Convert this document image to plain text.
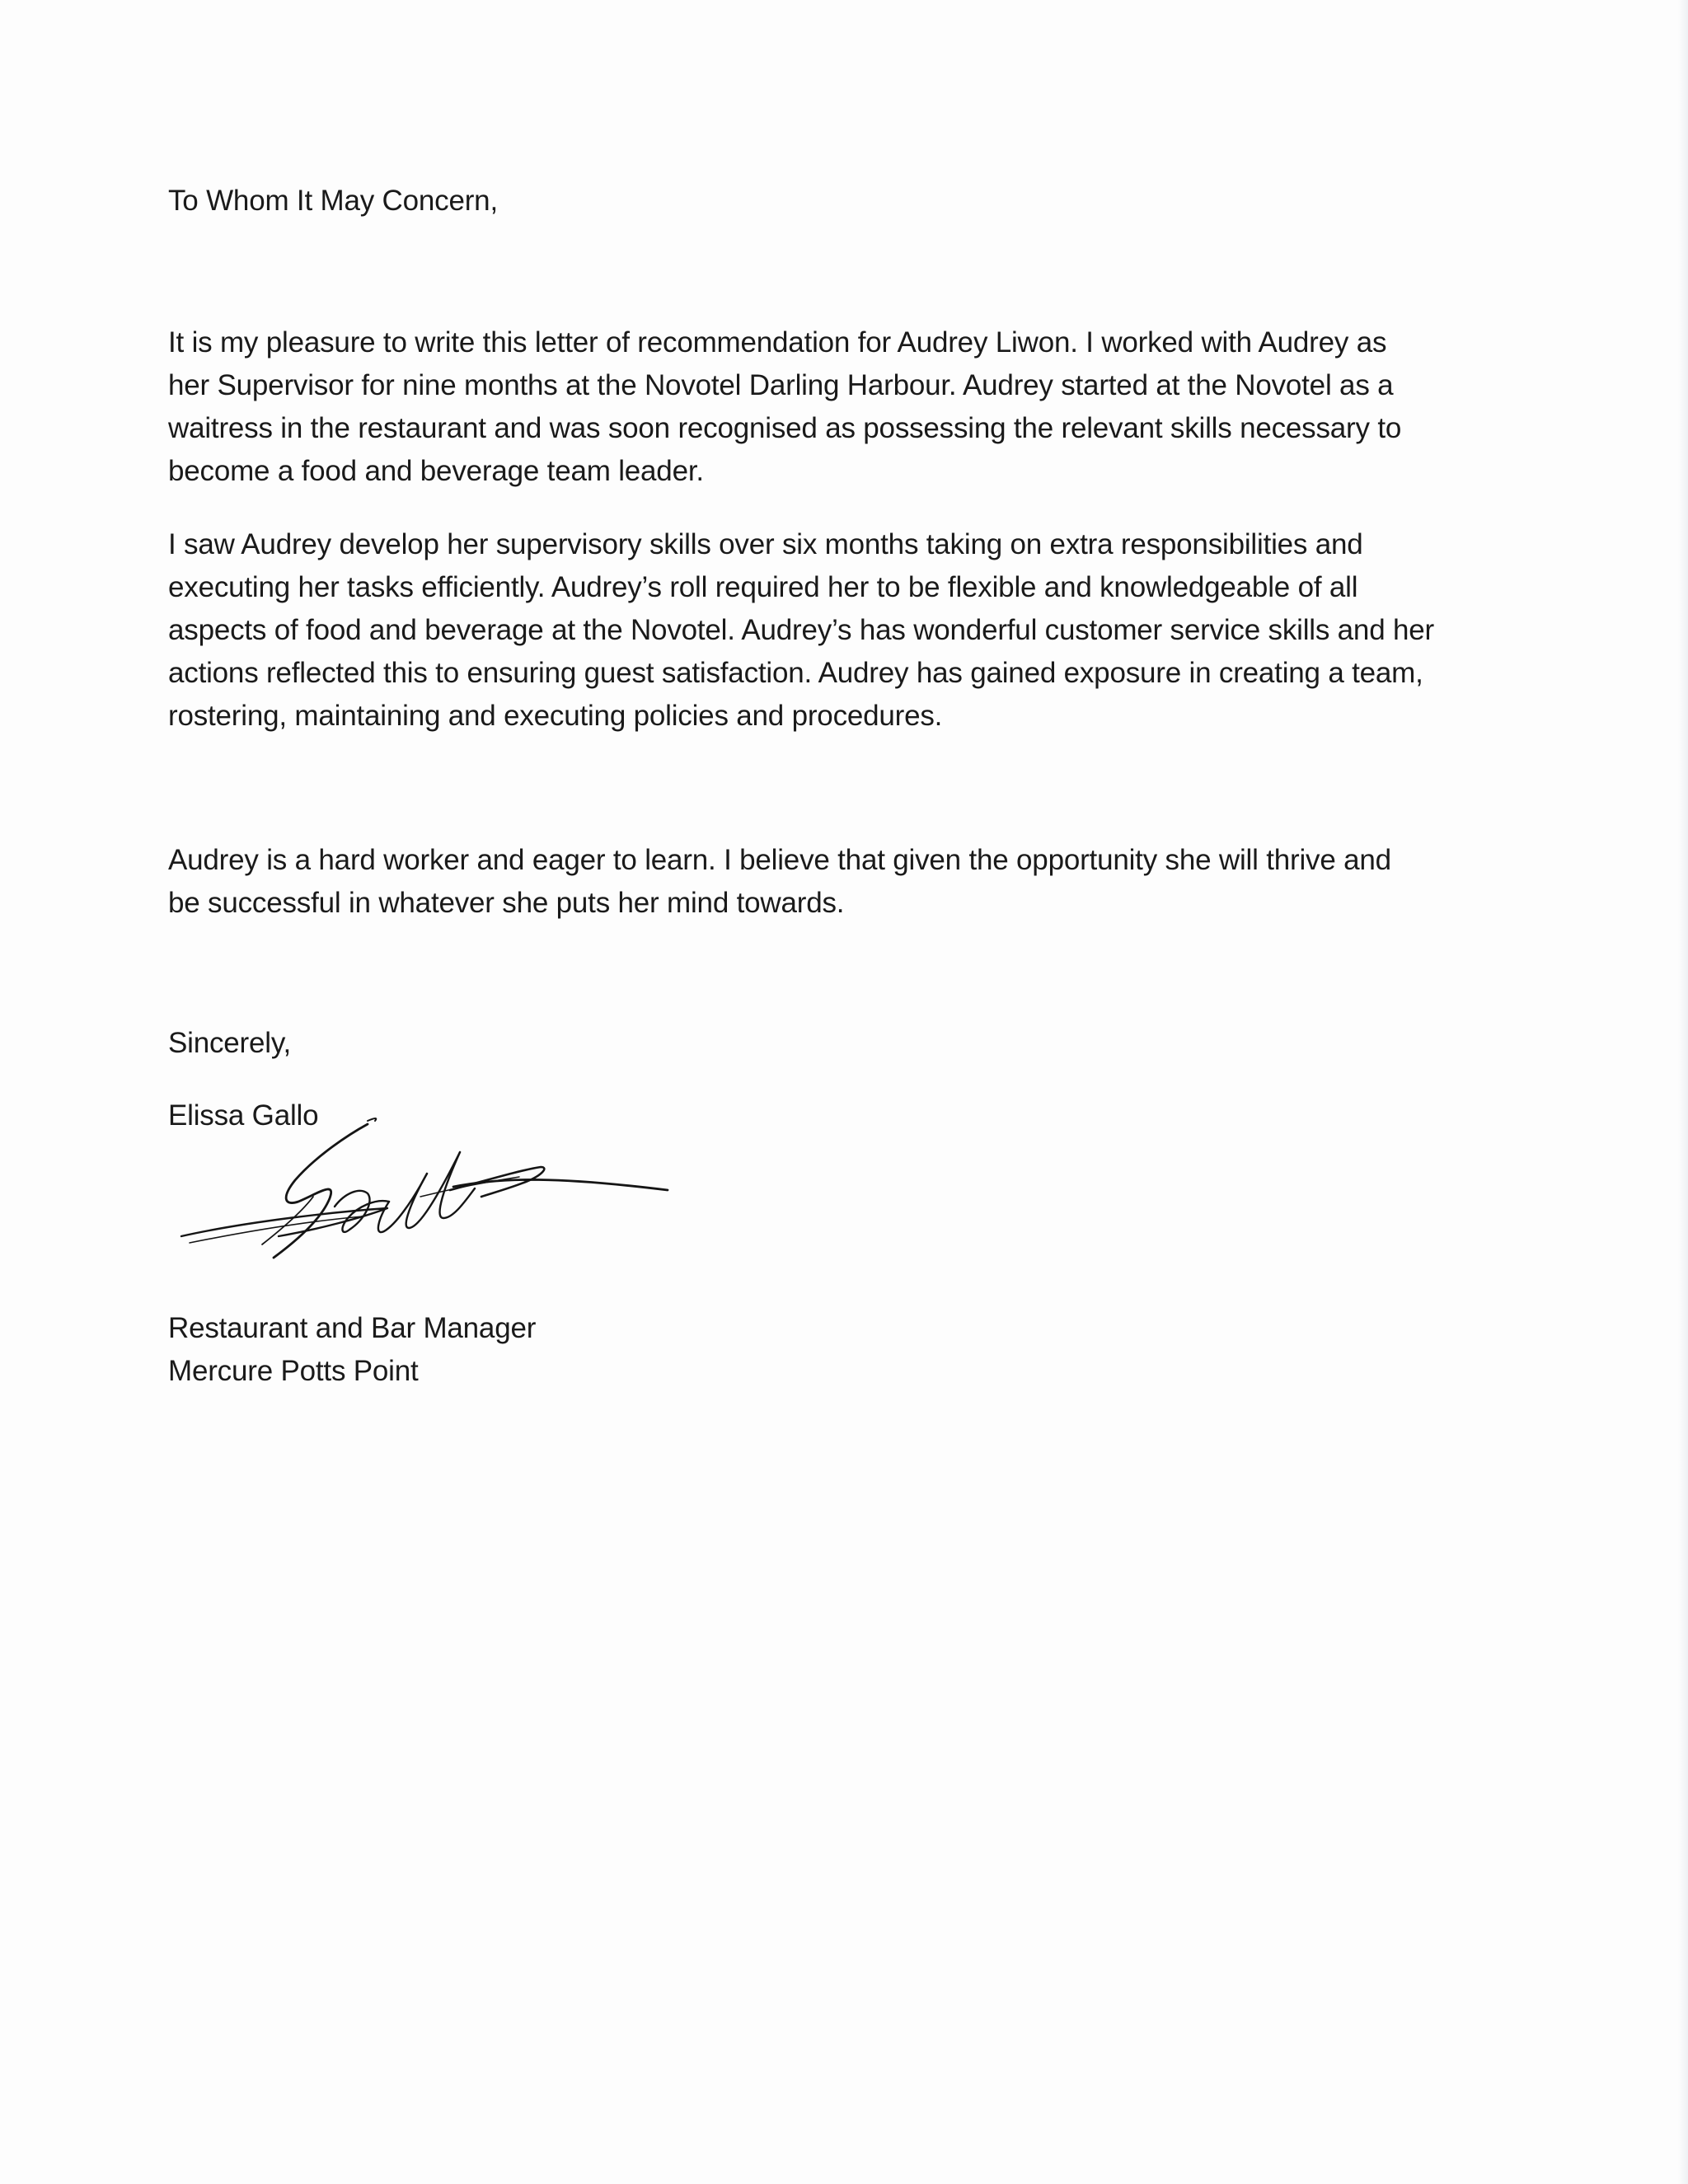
To Whom It May Concern,
It is my pleasure to write this letter of recommendation for Audrey Liwon. I worked with Audrey as
her Supervisor for nine months at the Novotel Darling Harbour. Audrey started at the Novotel as a
waitress in the restaurant and was soon recognised as possessing the relevant skills necessary to
become a food and beverage team leader.
I saw Audrey develop her supervisory skills over six months taking on extra responsibilities and
executing her tasks efficiently. Audrey’s roll required her to be flexible and knowledgeable of all
aspects of food and beverage at the Novotel. Audrey’s has wonderful customer service skills and her
actions reflected this to ensuring guest satisfaction. Audrey has gained exposure in creating a team,
rostering, maintaining and executing policies and procedures.
Audrey is a hard worker and eager to learn. I believe that given the opportunity she will thrive and
be successful in whatever she puts her mind towards.
Sincerely,
Elissa Gallo
Restaurant and Bar Manager
Mercure Potts Point
